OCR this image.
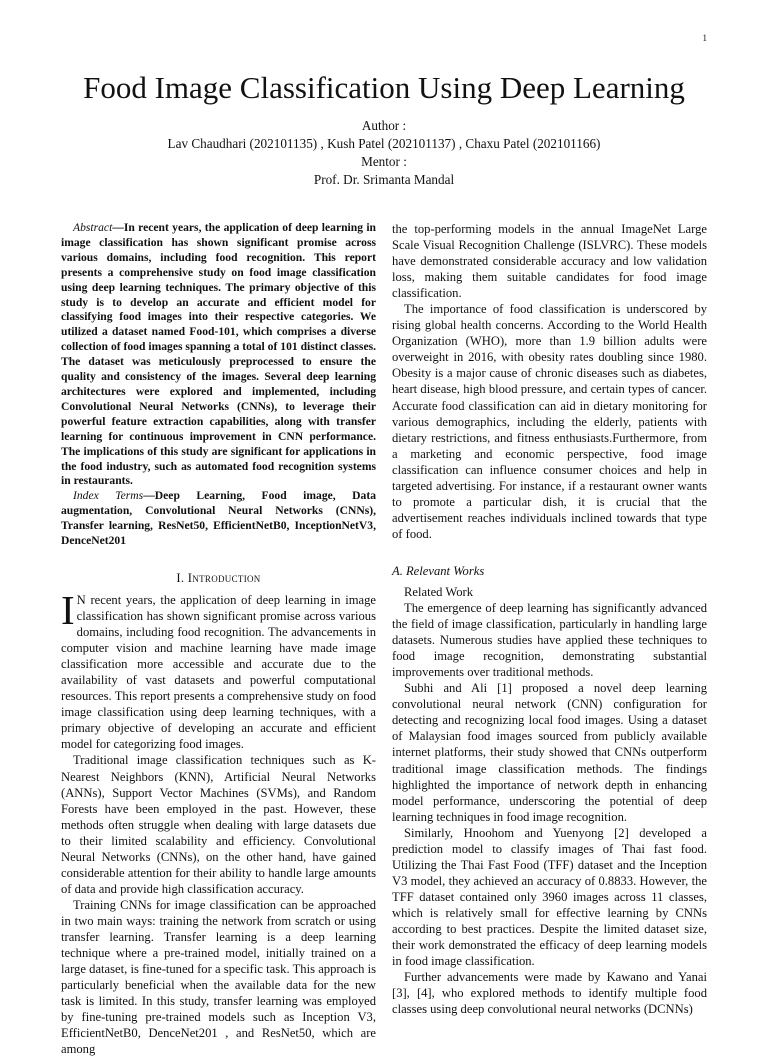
1
Food Image Classification Using Deep Learning
Author :
Lav Chaudhari (202101135) , Kush Patel (202101137) , Chaxu Patel (202101166)
Mentor :
Prof. Dr. Srimanta Mandal

Abstract—In recent years, the application of deep learning in image classification has shown significant promise across various domains, including food recognition. This report presents a comprehensive study on food image classification using deep learning techniques. The primary objective of this study is to develop an accurate and efficient model for classifying food images into their respective categories. We utilized a dataset named Food-101, which comprises a diverse collection of food images spanning a total of 101 distinct classes. The dataset was meticulously preprocessed to ensure the quality and consistency of the images. Several deep learning architectures were explored and implemented, including Convolutional Neural Networks (CNNs), to leverage their powerful feature extraction capabilities, along with transfer learning for continuous improvement in CNN performance. The implications of this study are significant for applications in the food industry, such as automated food recognition systems in restaurants.

Index Terms—Deep Learning, Food image, Data augmentation, Convolutional Neural Networks (CNNs), Transfer learning, ResNet50, EfficientNetB0, InceptionNetV3, DenceNet201

I. Introduction

I N recent years, the application of deep learning in image classification has shown significant promise across various domains, including food recognition. The advancements in computer vision and machine learning have made image classification more accessible and accurate due to the availability of vast datasets and powerful computational resources. This report presents a comprehensive study on food image classification using deep learning techniques, with a primary objective of developing an accurate and efficient model for categorizing food images.

Traditional image classification techniques such as K-Nearest Neighbors (KNN), Artificial Neural Networks (ANNs), Support Vector Machines (SVMs), and Random Forests have been employed in the past. However, these methods often struggle when dealing with large datasets due to their limited scalability and efficiency. Convolutional Neural Networks (CNNs), on the other hand, have gained considerable attention for their ability to handle large amounts of data and provide high classification accuracy.

Training CNNs for image classification can be approached in two main ways: training the network from scratch or using transfer learning. Transfer learning is a deep learning technique where a pre-trained model, initially trained on a large dataset, is fine-tuned for a specific task. This approach is particularly beneficial when the available data for the new task is limited. In this study, transfer learning was employed by fine-tuning pre-trained models such as Inception V3, EfficientNetB0, DenceNet201 , and ResNet50, which are among

the top-performing models in the annual ImageNet Large Scale Visual Recognition Challenge (ISLVRC). These models have demonstrated considerable accuracy and low validation loss, making them suitable candidates for food image classification.

The importance of food classification is underscored by rising global health concerns. According to the World Health Organization (WHO), more than 1.9 billion adults were overweight in 2016, with obesity rates doubling since 1980. Obesity is a major cause of chronic diseases such as diabetes, heart disease, high blood pressure, and certain types of cancer. Accurate food classification can aid in dietary monitoring for various demographics, including the elderly, patients with dietary restrictions, and fitness enthusiasts.Furthermore, from a marketing and economic perspective, food image classification can influence consumer choices and help in targeted advertising. For instance, if a restaurant owner wants to promote a particular dish, it is crucial that the advertisement reaches individuals inclined towards that type of food.

A. Relevant Works

Related Work

The emergence of deep learning has significantly advanced the field of image classification, particularly in handling large datasets. Numerous studies have applied these techniques to food image recognition, demonstrating substantial improvements over traditional methods.

Subhi and Ali [1] proposed a novel deep learning convolutional neural network (CNN) configuration for detecting and recognizing local food images. Using a dataset of Malaysian food images sourced from publicly available internet platforms, their study showed that CNNs outperform traditional image classification methods. The findings highlighted the importance of network depth in enhancing model performance, underscoring the potential of deep learning techniques in food image recognition.

Similarly, Hnoohom and Yuenyong [2] developed a prediction model to classify images of Thai fast food. Utilizing the Thai Fast Food (TFF) dataset and the Inception V3 model, they achieved an accuracy of 0.8833. However, the TFF dataset contained only 3960 images across 11 classes, which is relatively small for effective learning by CNNs according to best practices. Despite the limited dataset size, their work demonstrated the efficacy of deep learning models in food image classification.

Further advancements were made by Kawano and Yanai [3], [4], who explored methods to identify multiple food classes using deep convolutional neural networks (DCNNs)
